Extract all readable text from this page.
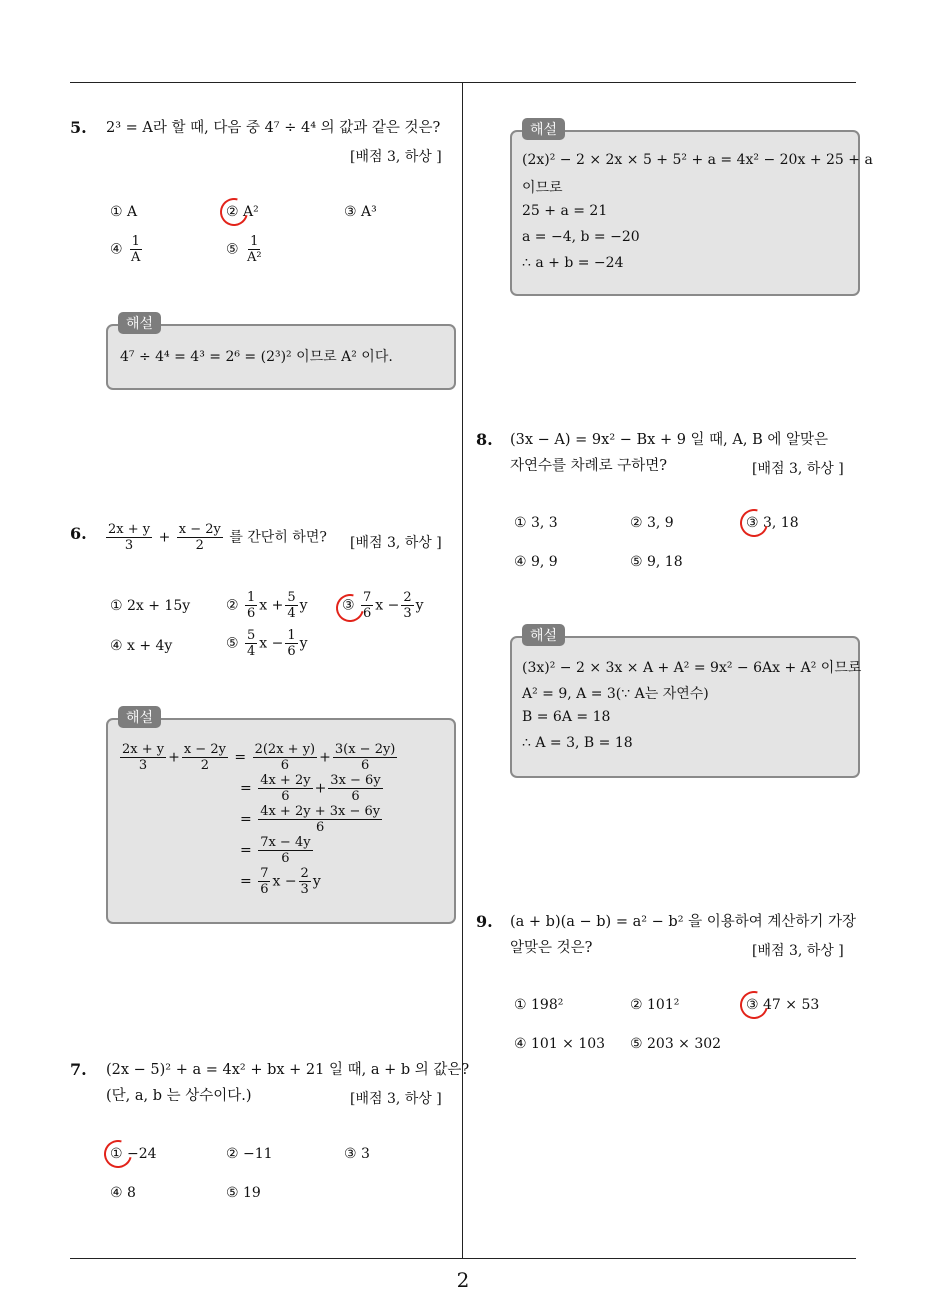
2
5. 2³ = A라 할 때, 다음 중 4⁷ ÷ 4⁴ 의 값과 같은 것은?
[배점 3, 하상 ]
① A	② A²	③ A³
④ $\frac{1}{A}$	⑤ $\frac{1}{\text{A²}}$
해설
4⁷ ÷ 4⁴ = 4³ = 2⁶ = (2³)² 이므로 A² 이다.
6. $\frac{2x + y}{3} + \frac{x - 2y}{2}$ 를 간단히 하면? [배점 3, 하상 ]
① 2x + 15y	② $\frac{1}{6}$ $x + \frac{5}{4}$ y ③ $\frac{7}{6}$ $x - \frac{2}{3}$ y
④ x + 4y	⑤ $\frac{5}{4}$ $x - \frac{1}{6}$ y
해설
$\frac{2x + y}{3} + \frac{x - 2y}{2} = \frac{2(2x + y)}{6} + \frac{3(x - 2y)}{6}$
= $\frac{4x + 2y}{6} + \frac{3x - 6y}{6}$
= $\frac{4x + 2y + 3x - 6y}{6}$
= $\frac{7x - 4y}{6}$
= $\frac{7}{6}$ $x - \frac{2}{3}$ y
7. (2x − 5)² + a = 4x² + bx + 21 일 때, a + b 의 값은?
(단, a, b 는 상수이다.)	[배점 3, 하상 ]
① −24	② −11	③ 3
④ 8	⑤ 19
해설
(2x)² − 2 × 2x × 5 + 5² + a = 4x² − 20x + 25 + a
이므로
25 + a = 21
a = −4, b = −20
∴ a + b = −24
8. (3x − A) = 9x² − Bx + 9 일 때, A, B 에 알맞은
자연수를 차례로 구하면?	[배점 3, 하상 ]
① 3, 3	② 3, 9	③ 3, 18
④ 9, 9	⑤ 9, 18
해설
(3x)² − 2 × 3x × A + A² = 9x² − 6Ax + A² 이므로
A² = 9, A = 3(∵ A는 자연수)
B = 6A = 18
∴ A = 3, B = 18
9. (a + b)(a − b) = a² − b² 을 이용하여 계산하기 가장
알맞은 것은?	[배점 3, 하상 ]
① 198²	② 101²	③ 47 × 53
④ 101 × 103 ⑤ 203 × 302
